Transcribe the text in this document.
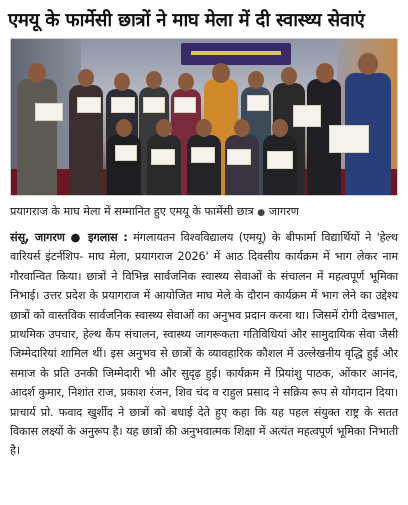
एमयू के फार्मेसी छात्रों ने माघ मेला में दी स्वास्थ्य सेवाएं
प्रयागराज के माघ मेला में सम्मानित हुए एमयू के फार्मेसी छात्र ● जागरण
संसू, जागरण ● इगलास : मंगलायतन विश्वविद्यालय (एमयू) के बीफार्मा विद्यार्थियों ने 'हेल्थ वारियर्स इंटर्नशिप- माघ मेला, प्रयागराज 2026' में आठ दिवसीय कार्यक्रम में भाग लेकर नाम गौरवान्वित किया। छात्रों ने विभिन्न सार्वजनिक स्वास्थ्य सेवाओं के संचालन में महत्वपूर्ण भूमिका निभाई। उत्तर प्रदेश के प्रयागराज में आयोजित माघ मेले के दौरान कार्यक्रम में भाग लेने का उद्देश्य छात्रों को वास्तविक सार्वजनिक स्वास्थ्य सेवाओं का अनुभव प्रदान करना था। जिसमें रोगी देखभाल, प्राथमिक उपचार, हेल्थ कैंप संचालन, स्वास्थ्य जागरूकता गतिविधियां और सामुदायिक सेवा जैसी जिम्मेदारियां शामिल थीं। इस अनुभव से छात्रों के व्यावहारिक कौशल में उल्लेखनीय वृद्धि हुई और समाज के प्रति उनकी जिम्मेदारी भी और सुदृढ़ हुई। कार्यक्रम में प्रियांशु पाठक, ओंकार आनंद, आदर्श कुमार, निशांत राज, प्रकाश रंजन, शिव चंद व राहुल प्रसाद ने सक्रिय रूप से योगदान दिया। प्राचार्य प्रो. फवाद खुर्शीद ने छात्रों को बधाई देते हुए कहा कि यह पहल संयुक्त राष्ट्र के सतत विकास लक्ष्यों के अनुरूप है। यह छात्रों की अनुभवात्मक शिक्षा में अत्यंत महत्वपूर्ण भूमिका निभाती है।
